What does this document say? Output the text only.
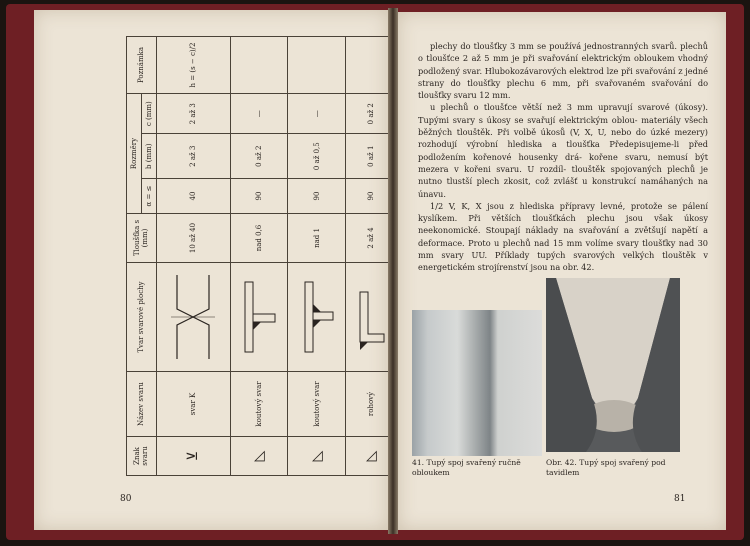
Znak svaru	Název svaru	Tvar svarové plochy	Tloušťka s (mm)	Rozměry			Poznámka
				α = ≤	b (mm)	c (mm)	
⊻	svar K		10 až 40	40	2 až 3	2 až 3	h = (s − c)/2
◺	koutový svar		nad 0,6	90	0 až 2	—	
◺	koutový svar		nad 1	90	0 až 0,5	—	
◺	rohový		2 až 4	90	0 až 1	0 až 2	
80

plechy do tloušťky 3 mm se používá jednostranných svarů. plechů o tloušťce 2 až 5 mm je při svařování elektrickým obloukem vhodný podložený svar. Hlubokozávarových elektrod lze při svařování z jedné strany do tloušťky plechu 6 mm, při svařovaném svařování do tloušťky svaru 12 mm.

u plechů o tloušťce větší než 3 mm upravují svarové (úkosy). Tupými svary s úkosy se svařují elektrickým oblou- materiály všech běžných tlouštěk. Při volbě úkosů (V, X, U, nebo do úzké mezery) rozhodují výrobní hlediska a tloušťka Předepisujeme-li před podložením kořenové housenky drá- kořene svaru, nemusí být mezera v kořeni svaru. U rozdíl- tlouštěk spojovaných plechů je nutno tlustší plech zkosit, což zvlášť u konstrukcí namáhaných na únavu.

1/2 V, K, X jsou z hlediska přípravy levné, protože se pálení kyslíkem. Při větších tloušťkách plechu jsou však úkosy neekonomické. Stoupají náklady na svařování a zvětšují napětí a deformace. Proto u plechů nad 15 mm volíme svary tloušťky nad 30 mm svary UU. Příklady tupých svarových velkých tlouštěk v energetickém strojírenství jsou na obr. 42.

41. Tupý spoj svařený ručně obloukem
Obr. 42. Tupý spoj svařený pod tavidlem
81
